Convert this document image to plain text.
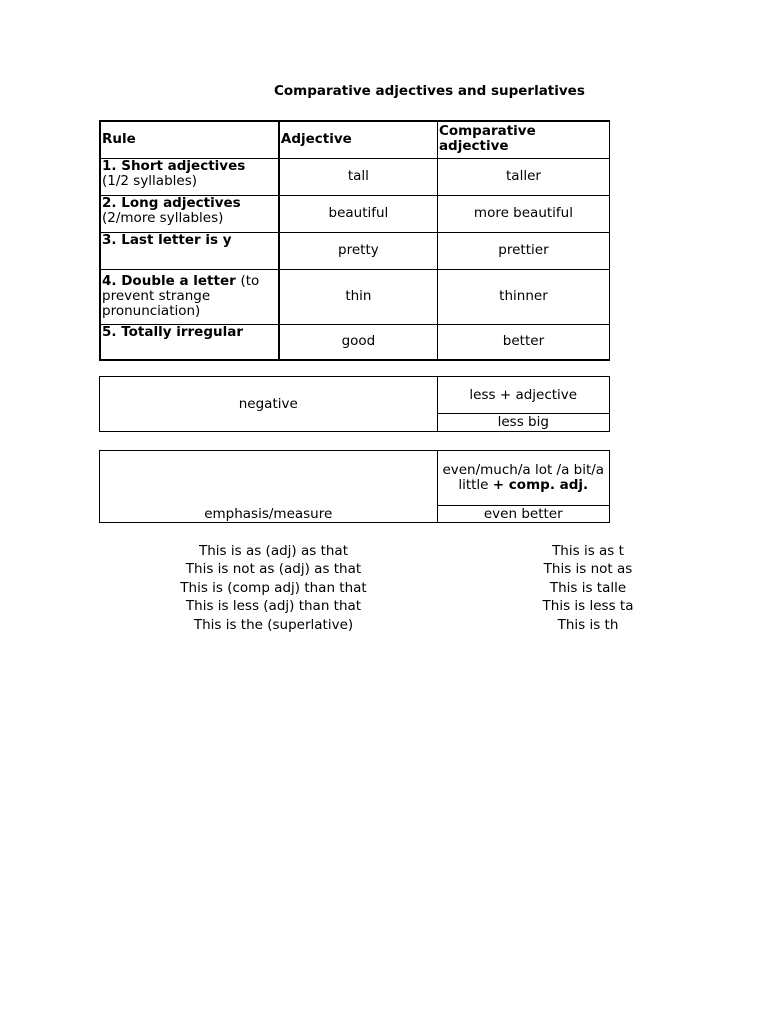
Comparative adjectives and superlatives
Rule	Adjective	Comparative adjective

1. Short adjectives
(1/2 syllables)	tall	taller

2. Long adjectives
(2/more syllables)	beautiful	more beautiful

3. Last letter is y	pretty	prettier
4. Double a letter (to prevent strange pronunciation)	thin	thinner

5. Totally irregular	good	better
negative	less + adjective
less big
emphasis/measure	even/much/a lot /a bit/a little + comp. adj.
even better
This is as (adj) as that
This is not as (adj) as that
This is (comp adj) than that
This is less (adj) than that
This is the (superlative)
This is as t
This is not as
This is talle
This is less ta
This is th
